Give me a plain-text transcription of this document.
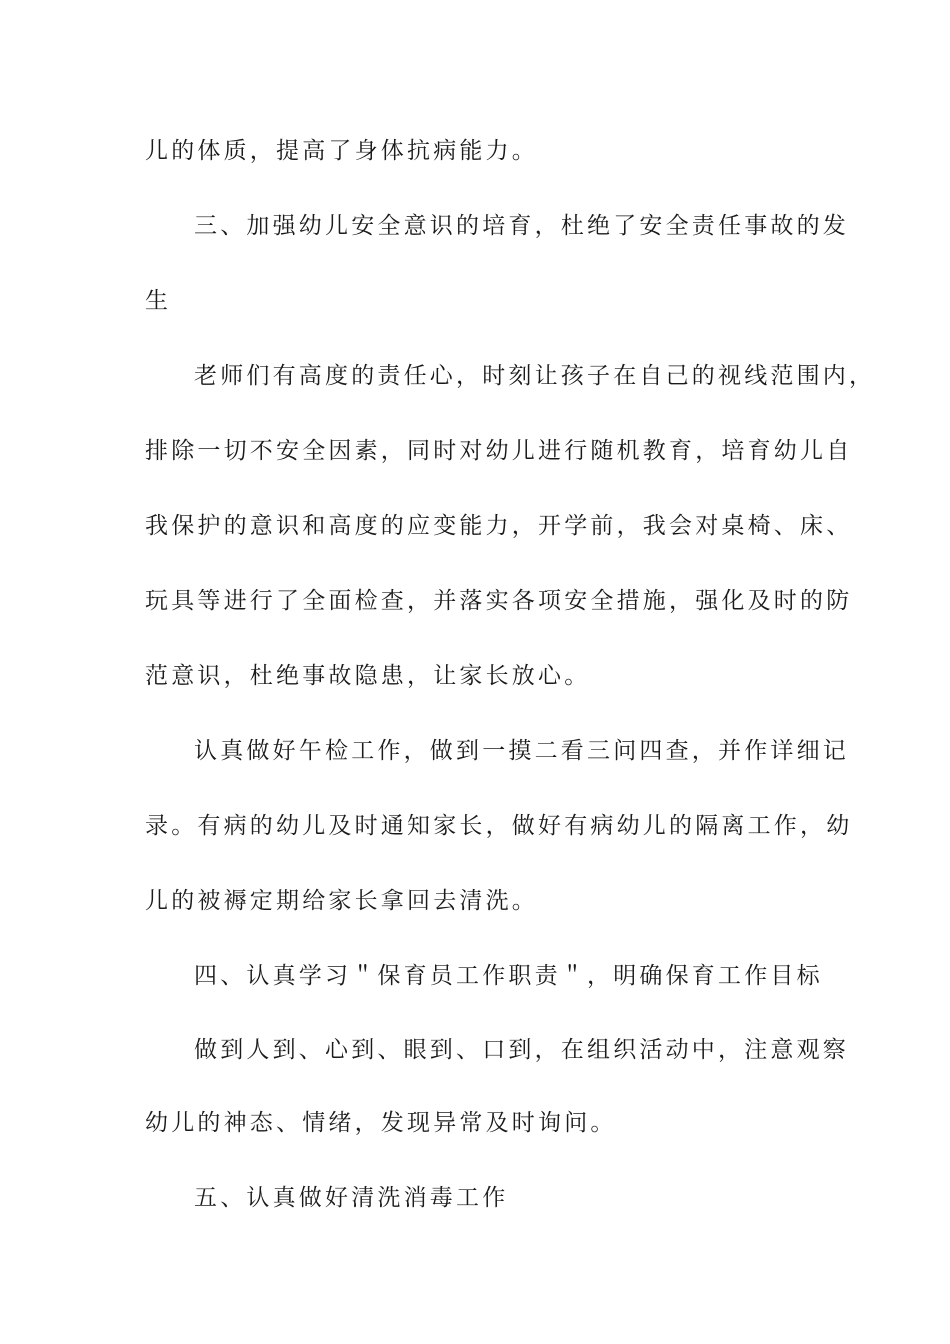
儿的体质，提高了身体抗病能力。
三、加强幼儿安全意识的培育，杜绝了安全责任事故的发
生
老师们有高度的责任心，时刻让孩子在自己的视线范围内，
排除一切不安全因素，同时对幼儿进行随机教育，培育幼儿自
我保护的意识和高度的应变能力，开学前，我会对桌椅、床、
玩具等进行了全面检查，并落实各项安全措施，强化及时的防
范意识，杜绝事故隐患，让家长放心。
认真做好午检工作，做到一摸二看三问四查，并作详细记
录。有病的幼儿及时通知家长，做好有病幼儿的隔离工作，幼
儿的被褥定期给家长拿回去清洗。
四、认真学习＂保育员工作职责＂，明确保育工作目标
做到人到、心到、眼到、口到，在组织活动中，注意观察
幼儿的神态、情绪，发现异常及时询问。
五、认真做好清洗消毒工作
